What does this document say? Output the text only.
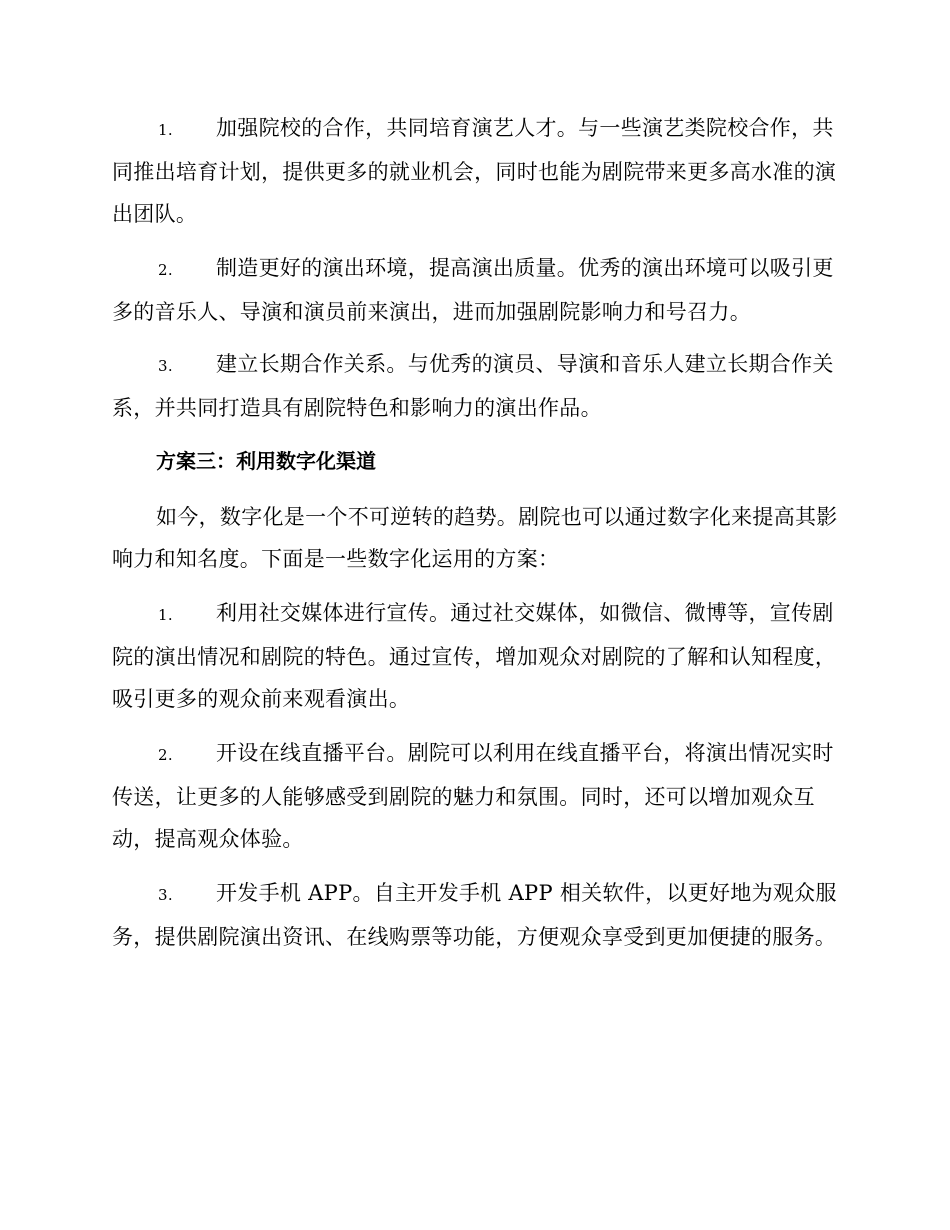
1. 加强院校的合作，共同培育演艺人才。与一些演艺类院校合作，共同推出培育计划，提供更多的就业机会，同时也能为剧院带来更多高水准的演出团队。

2. 制造更好的演出环境，提高演出质量。优秀的演出环境可以吸引更多的音乐人、导演和演员前来演出，进而加强剧院影响力和号召力。

3. 建立长期合作关系。与优秀的演员、导演和音乐人建立长期合作关系，并共同打造具有剧院特色和影响力的演出作品。

方案三：利用数字化渠道

如今，数字化是一个不可逆转的趋势。剧院也可以通过数字化来提高其影响力和知名度。下面是一些数字化运用的方案：

1. 利用社交媒体进行宣传。通过社交媒体，如微信、微博等，宣传剧院的演出情况和剧院的特色。通过宣传，增加观众对剧院的了解和认知程度，吸引更多的观众前来观看演出。

2. 开设在线直播平台。剧院可以利用在线直播平台，将演出情况实时传送，让更多的人能够感受到剧院的魅力和氛围。同时，还可以增加观众互动，提高观众体验。

3. 开发手机 APP。自主开发手机 APP 相关软件，以更好地为观众服务，提供剧院演出资讯、在线购票等功能，方便观众享受到更加便捷的服务。
